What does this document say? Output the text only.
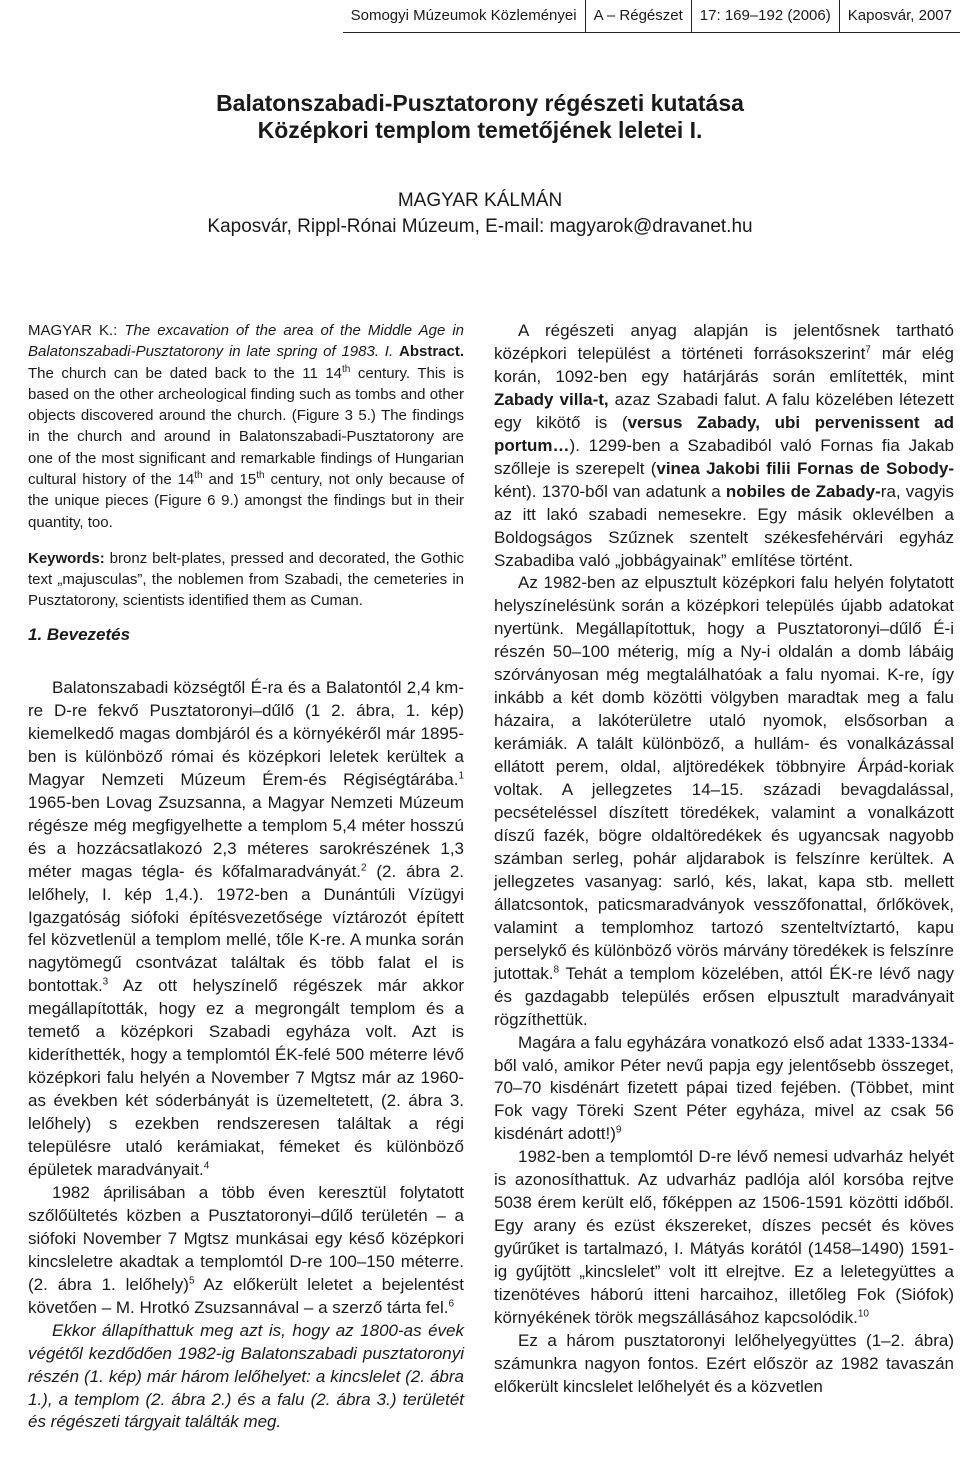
Somogyi Múzeumok Közleményei	A – Régészet	17: 169–192 (2006)	Kaposvár, 2007
Balatonszabadi-Pusztatorony régészeti kutatása
Középkori templom temetőjének leletei I.
MAGYAR KÁLMÁN
Kaposvár, Rippl-Rónai Múzeum, E-mail: magyarok@dravanet.hu

MAGYAR K.: The excavation of the area of the Middle Age in Balatonszabadi-Pusztatorony in late spring of 1983. I. Abstract. The church can be dated back to the 11 14th century. This is based on the other archeological finding such as tombs and other objects discovered around the church. (Figure 3 5.) The findings in the church and around in Balatonszabadi-Pusztatorony are one of the most significant and remarkable findings of Hungarian cultural history of the 14th and 15th century, not only because of the unique pieces (Figure 6 9.) amongst the findings but in their quantity, too.

Keywords: bronz belt-plates, pressed and decorated, the Gothic text „majusculas”, the noblemen from Szabadi, the cemeteries in Pusztatorony, scientists identified them as Cuman.

1. Bevezetés

Balatonszabadi községtől É-ra és a Balatontól 2,4 km-re D-re fekvő Pusztatoronyi–dűlő (1 2. ábra, 1. kép) kiemelkedő magas dombjáról és a környékéről már 1895-ben is különböző római és középkori leletek kerültek a Magyar Nemzeti Múzeum Érem-és Régiségtárába.$^1$ 1965-ben Lovag Zsuzsanna, a Magyar Nemzeti Múzeum régésze még megfigyelhette a templom 5,4 méter hosszú és a hozzácsatlakozó 2,3 méteres sarokrészének 1,3 méter magas tégla- és kőfalmaradványát.$^2$ (2. ábra 2. lelőhely, I. kép 1,4.). 1972-ben a Dunántúli Vízügyi Igazgatóság siófoki építésvezetősége víztározót épített fel közvetlenül a templom mellé, tőle K-re. A munka során nagytömegű csontvázat találtak és több falat el is bontottak.$^3$ Az ott helyszínelő régészek már akkor megállapították, hogy ez a megrongált templom és a temető a középkori Szabadi egyháza volt. Azt is kideríthették, hogy a templomtól ÉK-felé 500 méterre lévő középkori falu helyén a November 7 Mgtsz már az 1960-as években két sóderbányát is üzemeltetett, (2. ábra 3. lelőhely) s ezekben rendszeresen találtak a régi településre utaló kerámiakat, fémeket és különböző épületek maradványait.$^4$

1982 áprilisában a több éven keresztül folytatott szőlőültetés közben a Pusztatoronyi–dűlő területén – a siófoki November 7 Mgtsz munkásai egy késő középkori kincsleletre akadtak a templomtól D-re 100–150 méterre.(2. ábra 1. lelőhely)$^5$ Az előkerült leletet a bejelentést követően – M. Hrotkó Zsuzsannával – a szerző tárta fel.$^6$

Ekkor állapíthattuk meg azt is, hogy az 1800-as évek végétől kezdődően 1982-ig Balatonszabadi pusztatoronyi részén (1. kép) már három lelőhelyet: a kincslelet (2. ábra 1.), a templom (2. ábra 2.) és a falu (2. ábra 3.) területét és régészeti tárgyait találták meg.

A régészeti anyag alapján is jelentősnek tartható középkori települést a történeti forrásokszerint$^7$ már elég korán, 1092-ben egy határjárás során említették, mint Zabady villa-t, azaz Szabadi falut. A falu közelében létezett egy kikötő is (versus Zabady, ubi pervenissent ad portum…). 1299-ben a Szabadiból való Fornas fia Jakab szőlleje is szerepelt (vinea Jakobi filii Fornas de Sobody-ként). 1370-ből van adatunk a nobiles de Zabady-ra, vagyis az itt lakó szabadi nemesekre. Egy másik oklevélben a Boldogságos Szűznek szentelt székesfehérvári egyház Szabadiba való „jobbágyainak” említése történt.

Az 1982-ben az elpusztult középkori falu helyén folytatott helyszínelésünk során a középkori település újabb adatokat nyertünk. Megállapítottuk, hogy a Pusztatoronyi–dűlő É-i részén 50–100 méterig, míg a Ny-i oldalán a domb lábáig szórványosan még megtalálhatóak a falu nyomai. K-re, így inkább a két domb közötti völgyben maradtak meg a falu házaira, a lakóterületre utaló nyomok, elsősorban a kerámiák. A talált különböző, a hullám- és vonalkázással ellátott perem, oldal, aljtöredékek többnyire Árpád-koriak voltak. A jellegzetes 14–15. századi bevagdalással, pecsételéssel díszített töredékek, valamint a vonalkázott díszű fazék, bögre oldaltöredékek és ugyancsak nagyobb számban serleg, pohár aljdarabok is felszínre kerültek. A jellegzetes vasanyag: sarló, kés, lakat, kapa stb. mellett állatcsontok, paticsmaradványok vesszőfonattal, őrlőkövek, valamint a templomhoz tartozó szenteltvíztartó, kapu perselykő és különböző vörös márvány töredékek is felszínre jutottak.$^8$ Tehát a templom közelében, attól ÉK-re lévő nagy és gazdagabb település erősen elpusztult maradványait rögzíthettük.

Magára a falu egyházára vonatkozó első adat 1333-1334-ből való, amikor Péter nevű papja egy jelentősebb összeget, 70–70 kisdénárt fizetett pápai tized fejében. (Többet, mint Fok vagy Töreki Szent Péter egyháza, mivel az csak 56 kisdénárt adott!)$^9$

1982-ben a templomtól D-re lévő nemesi udvarház helyét is azonosíthattuk. Az udvarház padlója alól korsóba rejtve 5038 érem került elő, főképpen az 1506-1591 közötti időből. Egy arany és ezüst ékszereket, díszes pecsét és köves gyűrűket is tartalmazó, I. Mátyás korától (1458–1490) 1591-ig gyűjtött „kincslelet” volt itt elrejtve. Ez a leletegyüttes a tizenötéves háború itteni harcaihoz, illetőleg Fok (Siófok) környékének török megszállásához kapcsolódik.$^{10}$

Ez a három pusztatoronyi lelőhelyegyüttes (1–2. ábra) számunkra nagyon fontos. Ezért először az 1982 tavaszán előkerült kincslelet lelőhelyét és a közvetlen
